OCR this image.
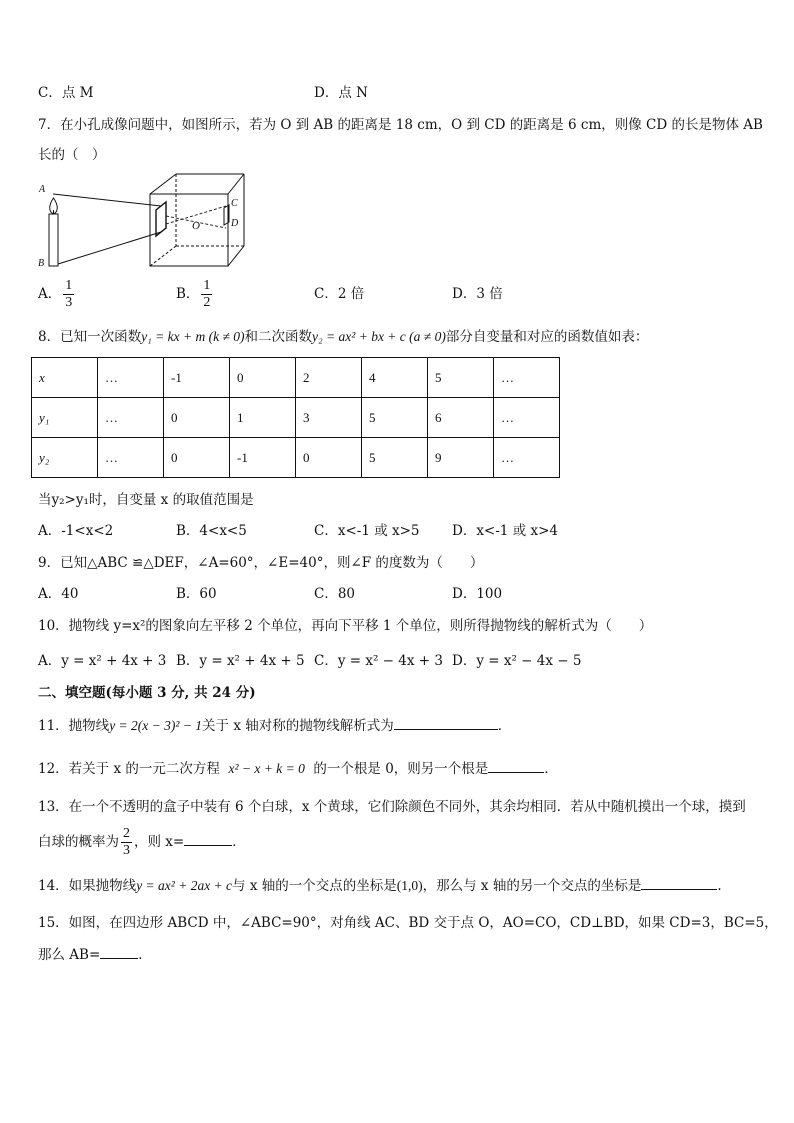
C．点 M	D．点 N
7．在小孔成像问题中，如图所示，若为 O 到 AB 的距离是 18 cm，O 到 CD 的距离是 6 cm，则像 CD 的长是物体 AB
长的（　）
A
B
O
C
D
A． $\frac{1}{3}$	B． $\frac{1}{2}$	C．2 倍	D．3 倍
8．已知一次函数y₁ = kx + m (k ≠ 0)和二次函数y₂ = ax² + bx + c (a ≠ 0)部分自变量和对应的函数值如表：
x	…	-1	0	2	4	5	…
y₁	…	0	1	3	5	6	…
y₂	…	0	-1	0	5	9	…
当y₂>y₁时，自变量 x 的取值范围是
A．-1<x<2	B．4<x<5	C．x<-1 或 x>5 D．x<-1 或 x>4
9．已知△ABC ≌△DEF，∠A=60°，∠E=40°，则∠F 的度数为（　　）
A．40	B．60	C．80	D．100
10．抛物线 y=x²的图象向左平移 2 个单位，再向下平移 1 个单位，则所得抛物线的解析式为（　　）
A．y = x² + 4x + 3 B．y = x² + 4x + 5 C．y = x² − 4x + 3 D．y = x² − 4x − 5
二、填空题(每小题 3 分, 共 24 分)
11．抛物线y = 2(x − 3)² − 1关于 x 轴对称的抛物线解析式为	．
12．若关于 x 的一元二次方程 x² − x + k = 0 的一个根是 0，则另一个根是	．
13．在一个不透明的盒子中装有 6 个白球，x 个黄球，它们除颜色不同外，其余均相同．若从中随机摸出一个球，摸到
白球的概率为 $\frac{2}{3}$ ，则 x=	．
14．如果抛物线y = ax² + 2ax + c与 x 轴的一个交点的坐标是(1,0)，那么与 x 轴的另一个交点的坐标是	.
15．如图，在四边形 ABCD 中，∠ABC=90°，对角线 AC、BD 交于点 O，AO=CO，CD⊥BD，如果 CD=3，BC=5，
那么 AB=	．
